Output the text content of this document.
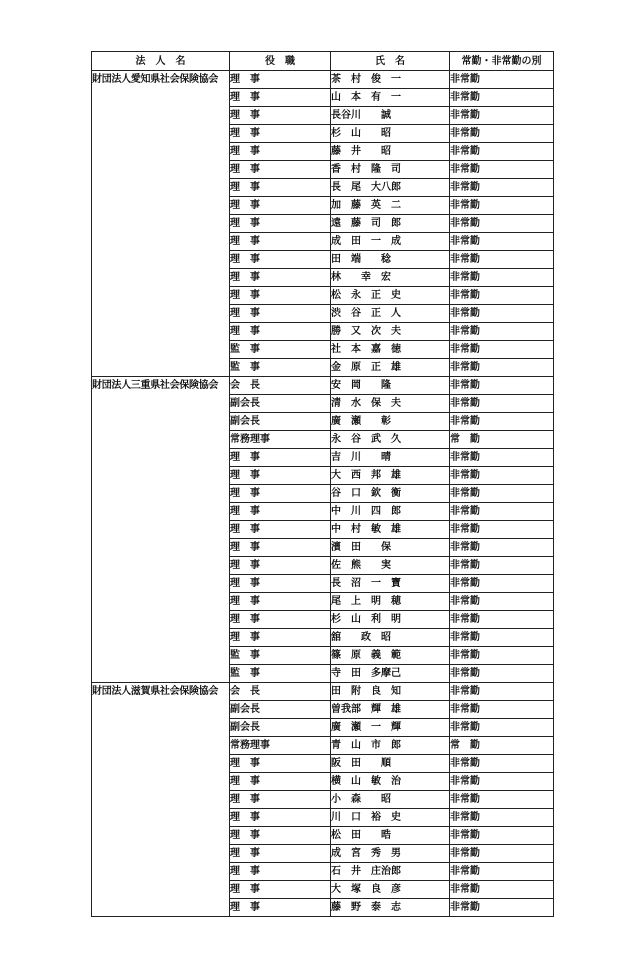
法　人　名	役　職	氏　名	常勤・非常勤の別
財団法人愛知県社会保険協会	理　事	茶　村　俊　一	非常勤
	理　事	山　本　有　一	非常勤
	理　事	長谷川　　誠	非常勤
	理　事	杉　山　　昭	非常勤
	理　事	藤　井　　昭	非常勤
	理　事	香　村　隆　司	非常勤
	理　事	長　尾　大八郎	非常勤
	理　事	加　藤　英　二	非常勤
	理　事	遠　藤　司　郎	非常勤
	理　事	成　田　一　成	非常勤
	理　事	田　端　　稔	非常勤
	理　事	林　　幸　宏	非常勤
	理　事	松　永　正　史	非常勤
	理　事	渋　谷　正　人	非常勤
	理　事	勝　又　次　夫	非常勤
	監　事	社　本　嘉　徳	非常勤
	監　事	金　原　正　雄	非常勤
財団法人三重県社会保険協会	会　長	安　岡　　隆	非常勤
	副会長	清　水　保　夫	非常勤
	副会長	廣　瀬　　彰	非常勤
	常務理事	永　谷　武　久	常　勤
	理　事	吉　川　　晴	非常勤
	理　事	大　西　邦　雄	非常勤
	理　事	谷　口　欽　衡	非常勤
	理　事	中　川　四　郎	非常勤
	理　事	中　村　敏　雄	非常勤
	理　事	濱　田　　保	非常勤
	理　事	佐　熊　　実	非常勤
	理　事	長　沼　一　寶	非常勤
	理　事	尾　上　明　穂	非常勤
	理　事	杉　山　利　明	非常勤
	理　事	舘　　政　昭	非常勤
	監　事	篠　原　義　範	非常勤
	監　事	寺　田　多摩己	非常勤
財団法人滋賀県社会保険協会	会　長	田　附　良　知	非常勤
	副会長	曽我部　輝　雄	非常勤
	副会長	廣　瀬　一　輝	非常勤
	常務理事	青　山　市　郎	常　勤
	理　事	阪　田　　順	非常勤
	理　事	横　山　敏　治	非常勤
	理　事	小　森　　昭	非常勤
	理　事	川　口　裕　史	非常勤
	理　事	松　田　　晧	非常勤
	理　事	成　宮　秀　男	非常勤
	理　事	石　井　庄治郎	非常勤
	理　事	大　塚　良　彦	非常勤
	理　事	藤　野　泰　志	非常勤
